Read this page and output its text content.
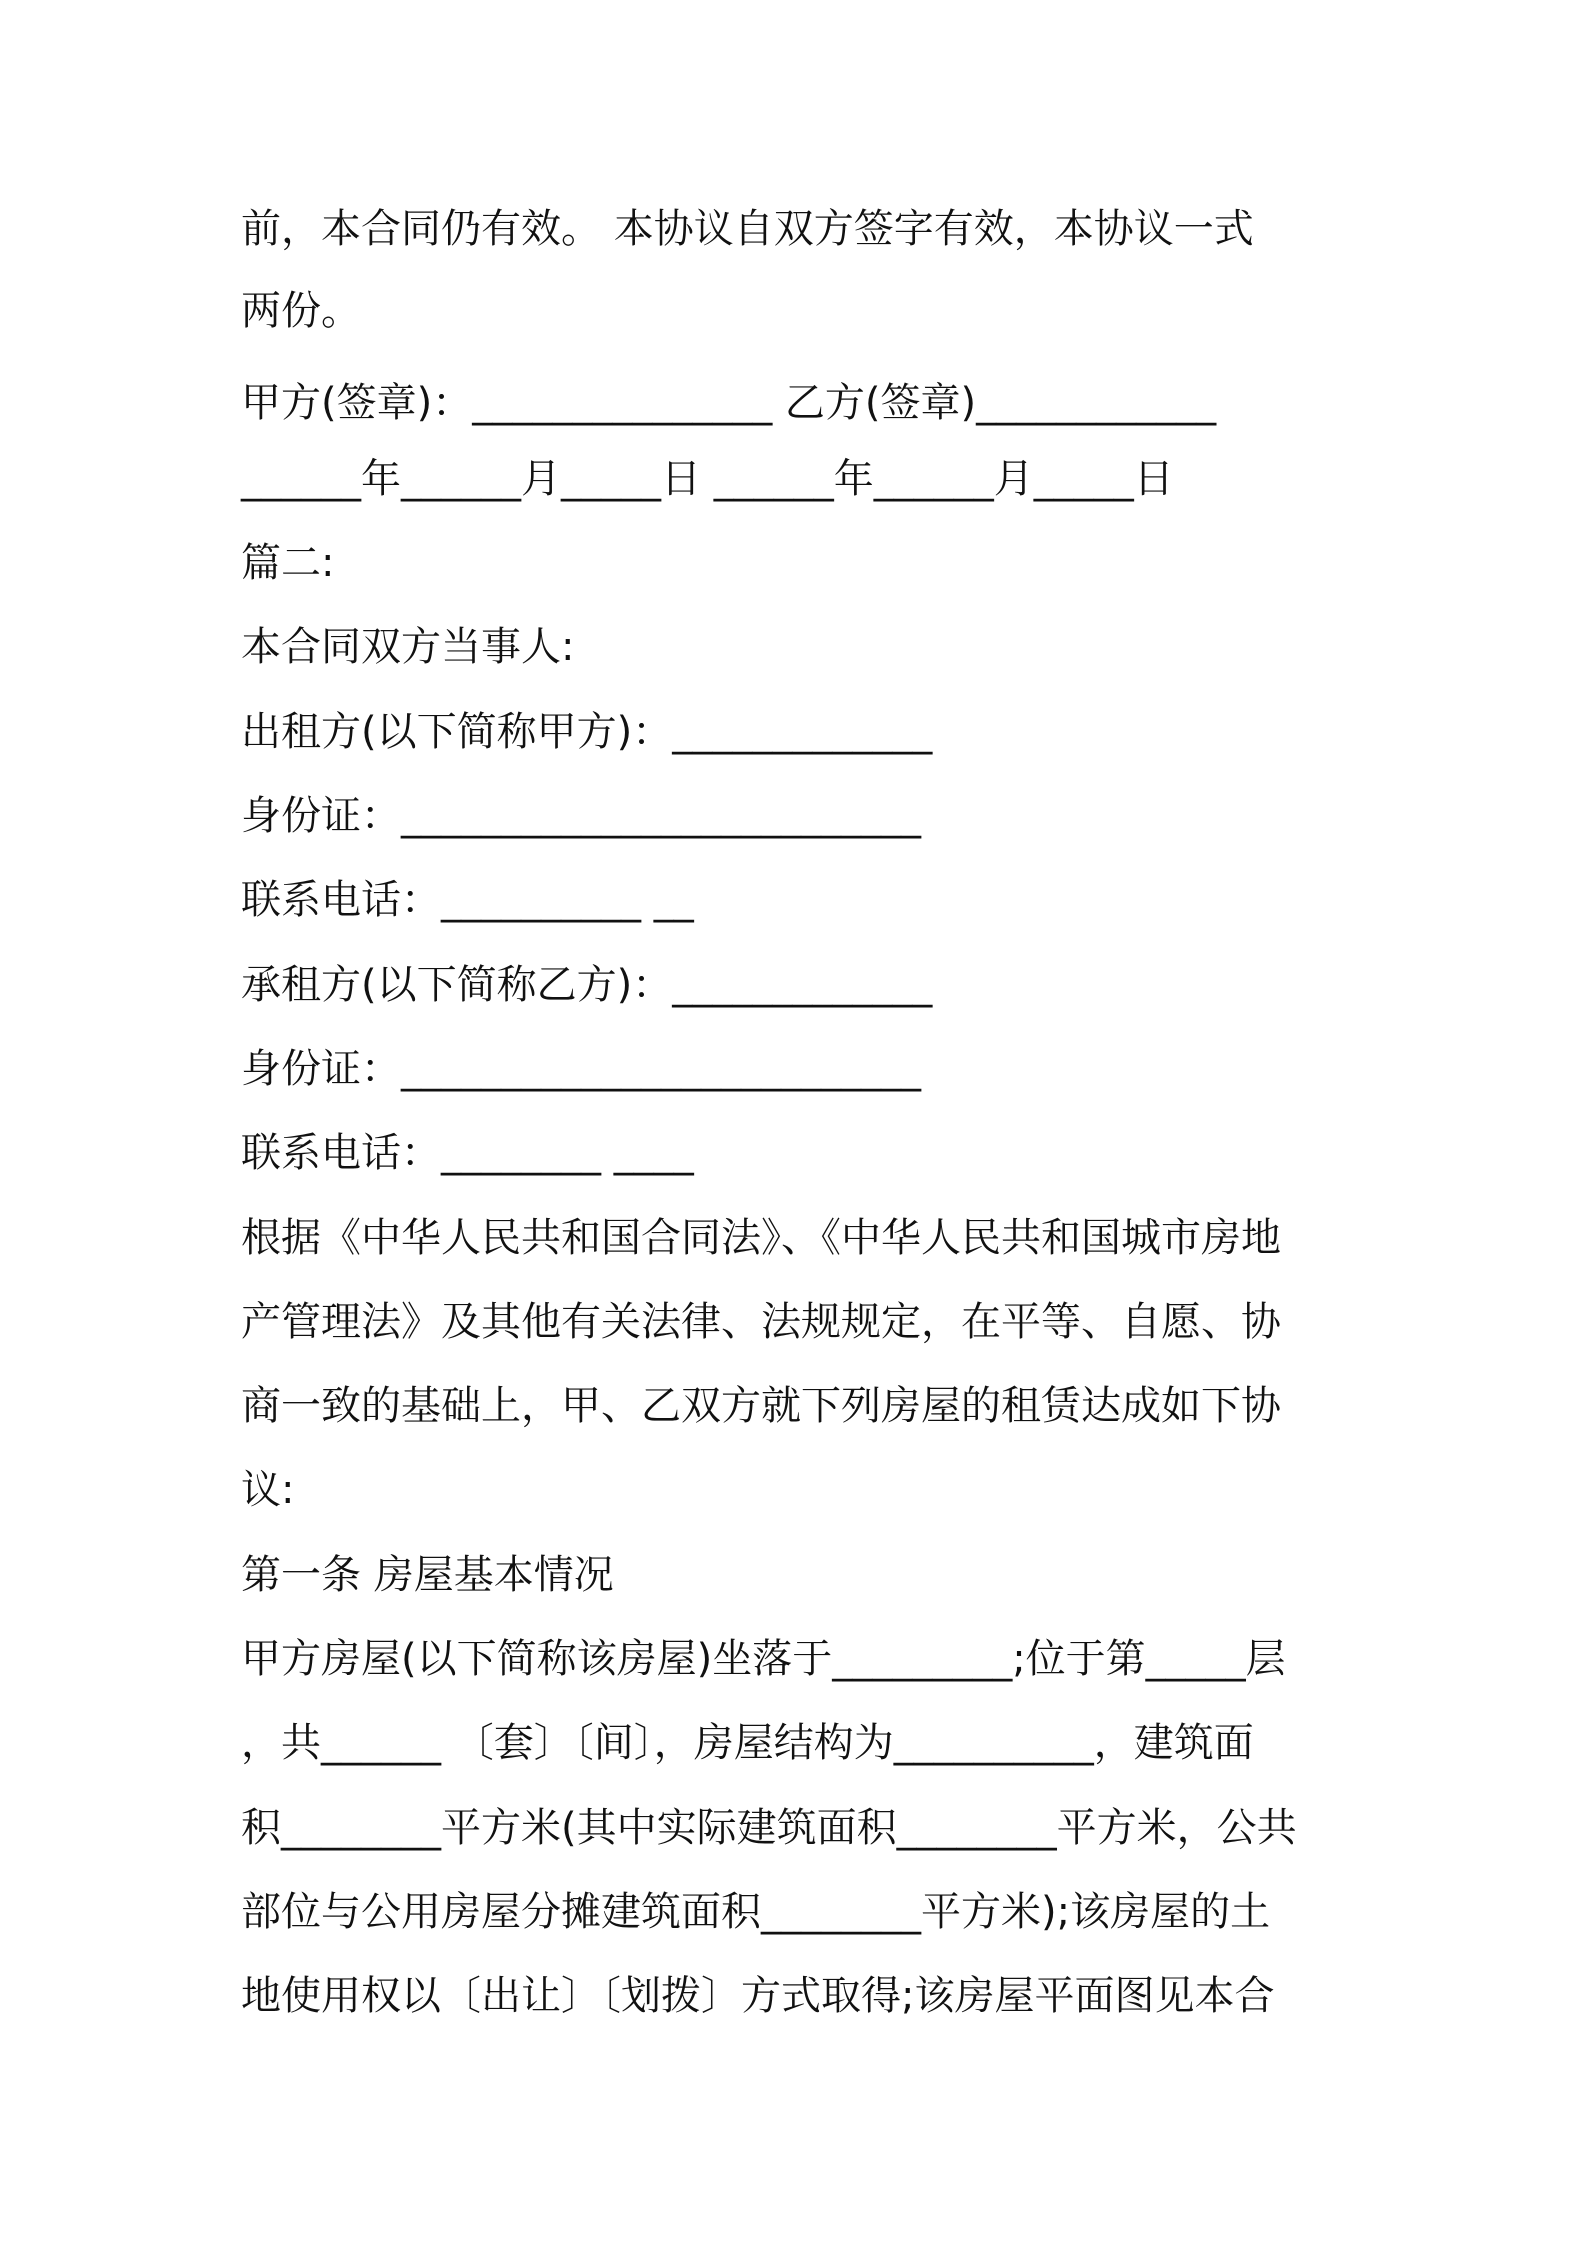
前，本合同仍有效。 本协议自双方签字有效，本协议一式
两份。
甲方(签章)：_______________ 乙方(签章)____________
______年______月_____日 ______年______月_____日
篇二:
本合同双方当事人:
出租方(以下简称甲方)：_____________
身份证：__________________________
联系电话：__________ __
承租方(以下简称乙方)：_____________
身份证：__________________________
联系电话：________ ____
根据《中华人民共和国合同法》、《中华人民共和国城市房地
产管理法》及其他有关法律、法规规定，在平等、自愿、协
商一致的基础上，甲、乙双方就下列房屋的租赁达成如下协
议:
第一条 房屋基本情况
甲方房屋(以下简称该房屋)坐落于_________;位于第_____层
，共______ 〔套〕〔间〕，房屋结构为__________，建筑面
积________平方米(其中实际建筑面积________平方米，公共
部位与公用房屋分摊建筑面积________平方米);该房屋的土
地使用权以〔出让〕〔划拨〕方式取得;该房屋平面图见本合
